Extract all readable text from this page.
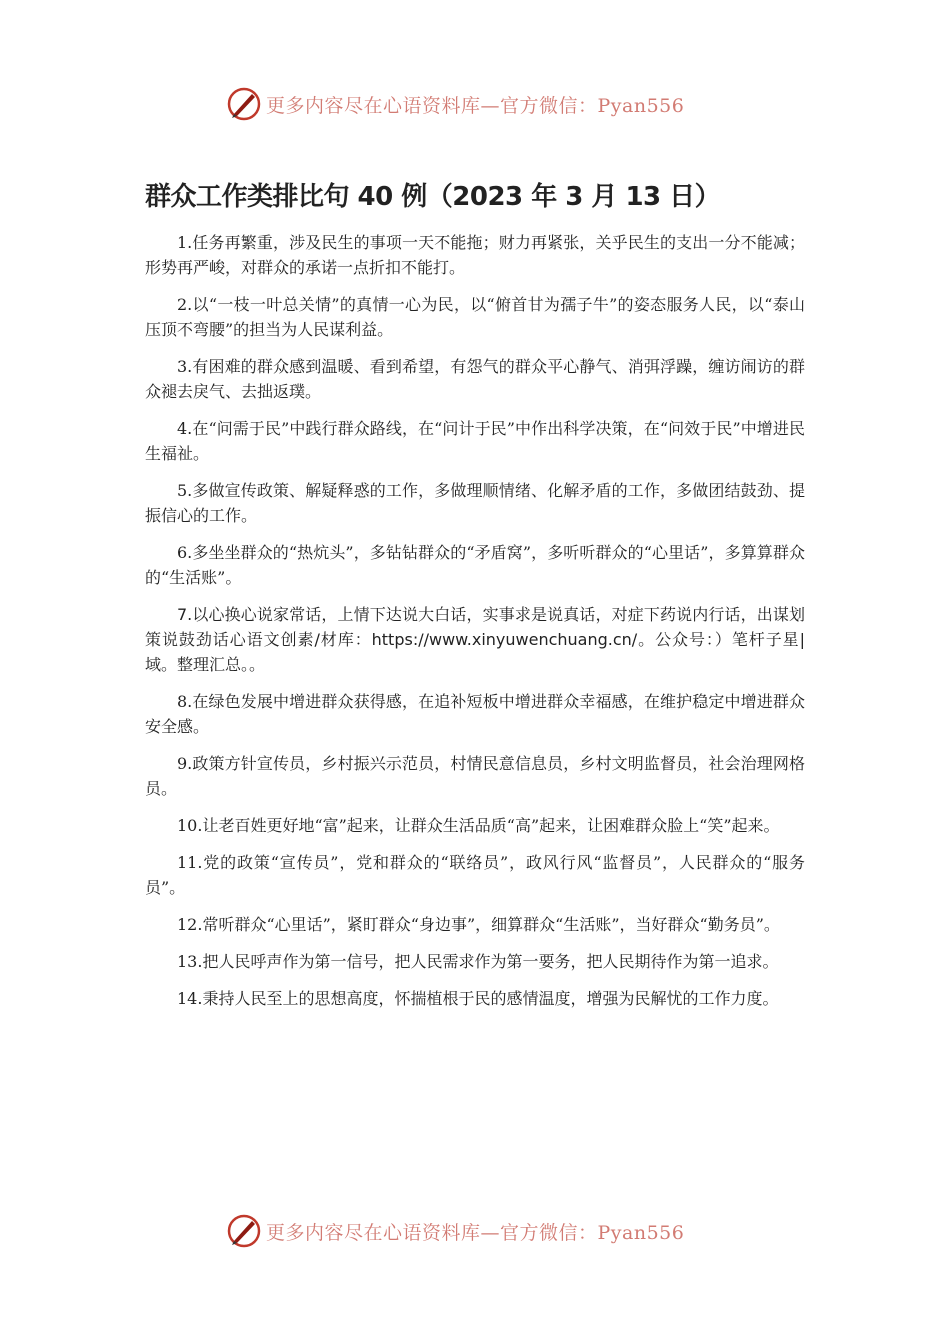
更多内容尽在心语资料库—官方微信：Pyan556
群众工作类排比句 40 例（2023 年 3 月 13 日）

1.任务再繁重，涉及民生的事项一天不能拖；财力再紧张，关乎民生的支出一分不能减；形势再严峻，对群众的承诺一点折扣不能打。

2.以“一枝一叶总关情”的真情一心为民，以“俯首甘为孺子牛”的姿态服务人民，以“泰山压顶不弯腰”的担当为人民谋利益。

3.有困难的群众感到温暖、看到希望，有怨气的群众平心静气、消弭浮躁，缠访闹访的群众褪去戾气、去拙返璞。

4.在“问需于民”中践行群众路线，在“问计于民”中作出科学决策，在“问效于民”中增进民生福祉。

5.多做宣传政策、解疑释惑的工作，多做理顺情绪、化解矛盾的工作，多做团结鼓劲、提振信心的工作。

6.多坐坐群众的“热炕头”，多钻钻群众的“矛盾窝”，多听听群众的“心里话”，多算算群众的“生活账”。

7.以心换心说家常话，上情下达说大白话，实事求是说真话，对症下药说内行话，出谋划策说鼓劲话心语文创素/材库：https://www.xinyuwenchuang.cn/。公众号：）笔杆子星|域。整理汇总。。

8.在绿色发展中增进群众获得感，在追补短板中增进群众幸福感，在维护稳定中增进群众安全感。

9.政策方针宣传员，乡村振兴示范员，村情民意信息员，乡村文明监督员，社会治理网格员。

10.让老百姓更好地“富”起来，让群众生活品质“高”起来，让困难群众脸上“笑”起来。

11.党的政策“宣传员”，党和群众的“联络员”，政风行风“监督员”，人民群众的“服务员”。

12.常听群众“心里话”，紧盯群众“身边事”，细算群众“生活账”，当好群众“勤务员”。

13.把人民呼声作为第一信号，把人民需求作为第一要务，把人民期待作为第一追求。

14.秉持人民至上的思想高度，怀揣植根于民的感情温度，增强为民解忧的工作力度。

更多内容尽在心语资料库—官方微信：Pyan556
